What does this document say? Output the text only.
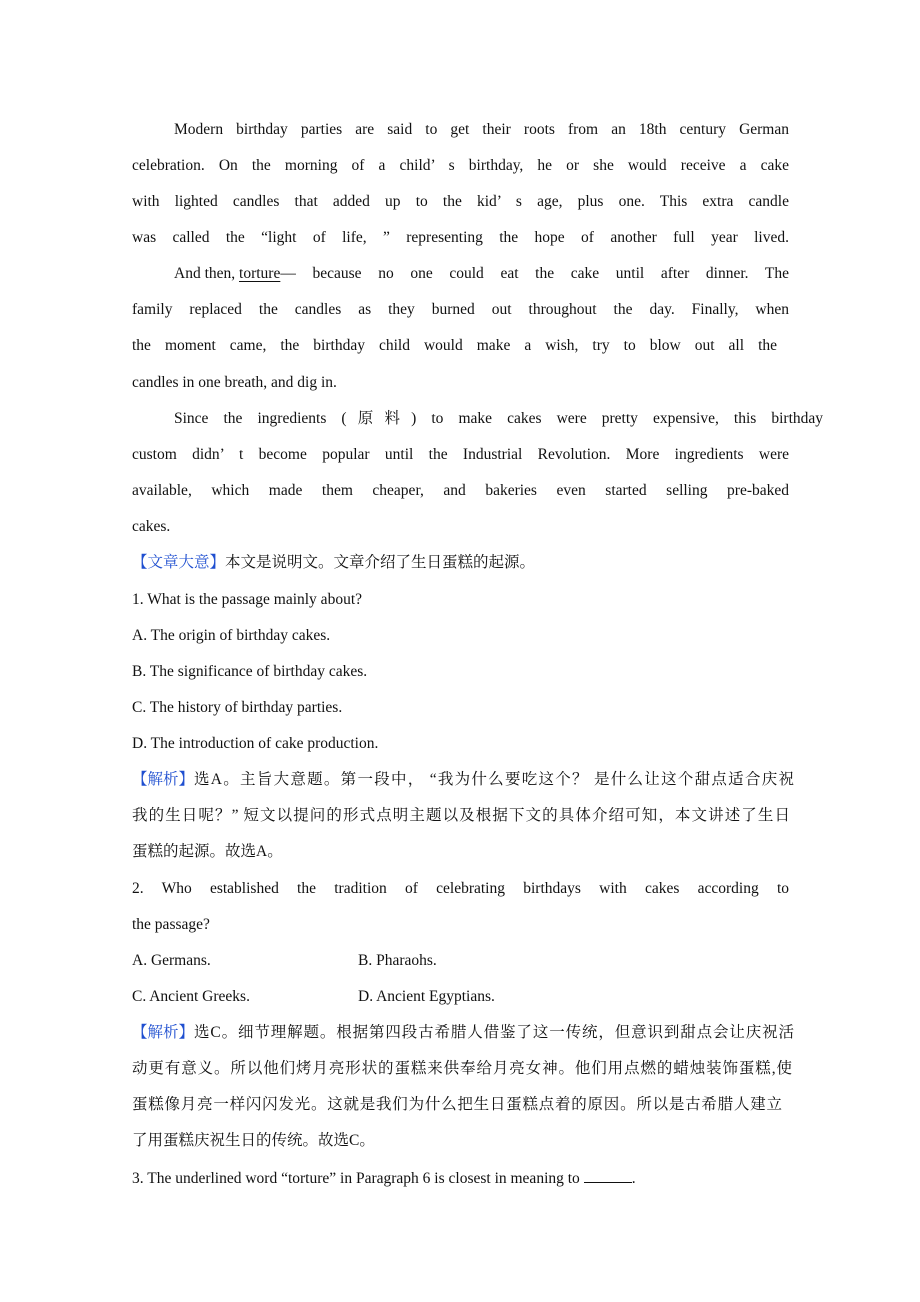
Modern birthday parties are said to get their roots from an 18th century German
celebration. On the morning of a child’ s birthday, he or she would receive a cake
with lighted candles that added up to the kid’ s age, plus one. This extra candle
was called the “light of life, ” representing the hope of another full year lived.
And then, torture — because no one could eat the cake until after dinner. The
family replaced the candles as they burned out throughout the day. Finally, when
the moment came, the birthday child would make a wish, try to blow out all the
candles in one breath, and dig in.
Since the ingredients (原料) to make cakes were pretty expensive, this birthday
custom didn’ t become popular until the Industrial Revolution. More ingredients were
available, which made them cheaper, and bakeries even started selling pre-baked
cakes.
【文章大意】本文是说明文。文章介绍了生日蛋糕的起源。
1. What is the passage mainly about?
A. The origin of birthday cakes.
B. The significance of birthday cakes.
C. The history of birthday parties.
D. The introduction of cake production.
【解析】 选A。主旨大意题。第一段中， “我为什么要吃这个？ 是什么让这个甜点适合庆祝
我的生日呢？” 短文以提问的形式点明主题以及根据下文的具体介绍可知，本文讲述了生日
蛋糕的起源。故选A。
2. Who established the tradition of celebrating birthdays with cakes according to
the passage?
A. Germans.	B. Pharaohs.
C. Ancient Greeks.	D. Ancient Egyptians.
【解析】 选C。细节理解题。根据第四段古希腊人借鉴了这一传统，但意识到甜点会让庆祝活
动更有意义。所以他们烤月亮形状的蛋糕来供奉给月亮女神。他们用点燃的蜡烛装饰蛋糕,使
蛋糕像月亮一样闪闪发光。这就是我们为什么把生日蛋糕点着的原因。所以是古希腊人建立
了用蛋糕庆祝生日的传统。故选C。
3. The underlined word “torture” in Paragraph 6 is closest in meaning to	.
